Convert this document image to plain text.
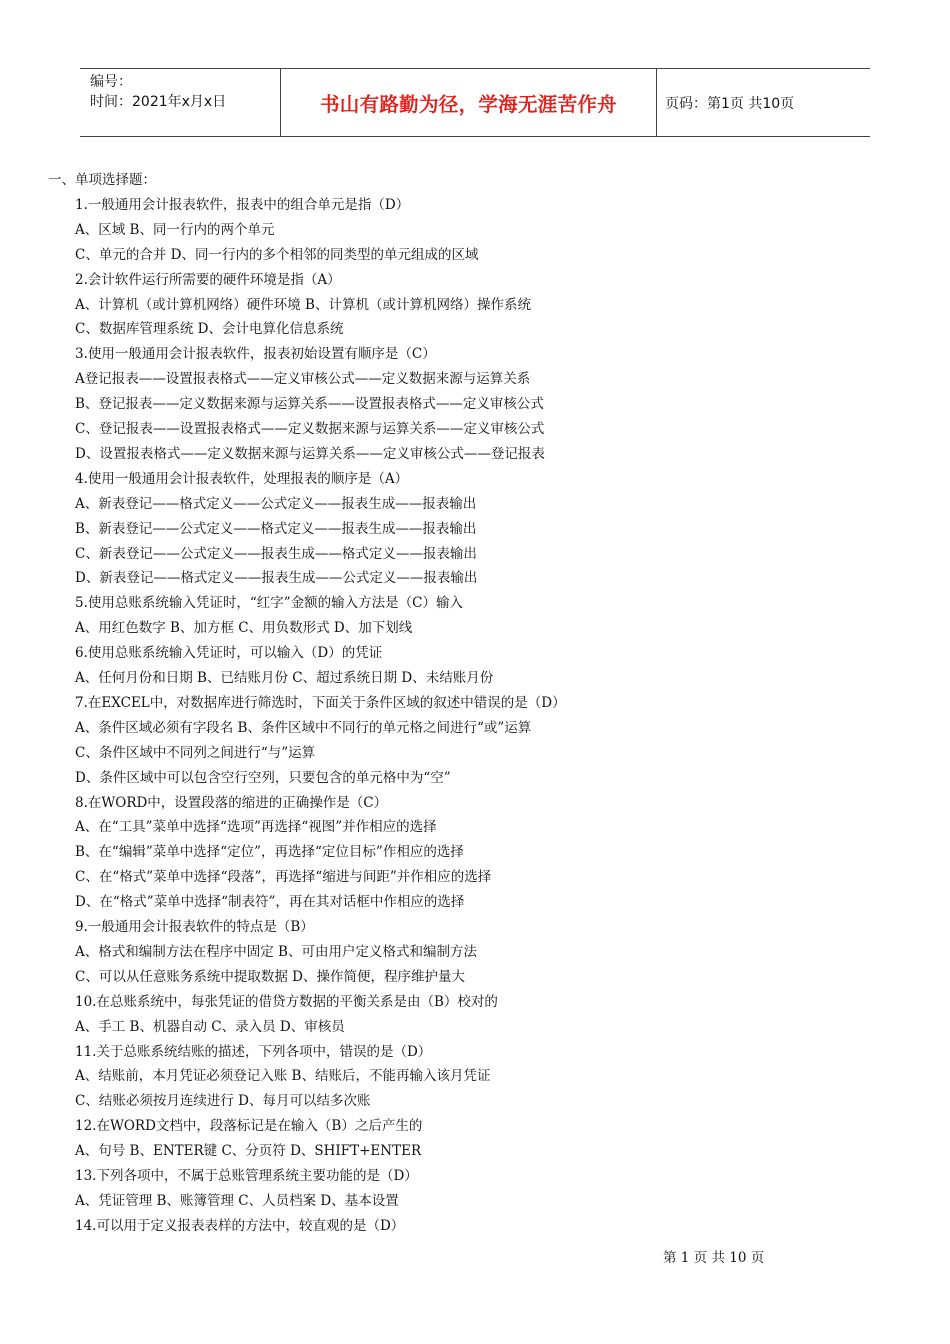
编号：
时间：2021年x月x日	书山有路勤为径，学海无涯苦作舟	页码：第1页 共10页
一、单项选择题：
1.一般通用会计报表软件，报表中的组合单元是指（D）
A、区域 B、同一行内的两个单元
C、单元的合并 D、同一行内的多个相邻的同类型的单元组成的区域
2.会计软件运行所需要的硬件环境是指（A）
A、计算机（或计算机网络）硬件环境 B、计算机（或计算机网络）操作系统
C、数据库管理系统 D、会计电算化信息系统
3.使用一般通用会计报表软件，报表初始设置有顺序是（C）
A登记报表——设置报表格式——定义审核公式——定义数据来源与运算关系
B、登记报表——定义数据来源与运算关系——设置报表格式——定义审核公式
C、登记报表——设置报表格式——定义数据来源与运算关系——定义审核公式
D、设置报表格式——定义数据来源与运算关系——定义审核公式——登记报表
4.使用一般通用会计报表软件，处理报表的顺序是（A）
A、新表登记——格式定义——公式定义——报表生成——报表输出
B、新表登记——公式定义——格式定义——报表生成——报表输出
C、新表登记——公式定义——报表生成——格式定义——报表输出
D、新表登记——格式定义——报表生成——公式定义——报表输出
5.使用总账系统输入凭证时，“红字”金额的输入方法是（C）输入
A、用红色数字 B、加方框 C、用负数形式 D、加下划线
6.使用总账系统输入凭证时，可以输入（D）的凭证
A、任何月份和日期 B、已结账月份 C、超过系统日期 D、未结账月份
7.在EXCEL中，对数据库进行筛选时，下面关于条件区域的叙述中错误的是（D）
A、条件区域必须有字段名 B、条件区域中不同行的单元格之间进行“或”运算
C、条件区域中不同列之间进行“与”运算
D、条件区域中可以包含空行空列，只要包含的单元格中为“空”
8.在WORD中，设置段落的缩进的正确操作是（C）
A、在“工具”菜单中选择“选项”再选择“视图”并作相应的选择
B、在“编辑”菜单中选择“定位”，再选择“定位目标”作相应的选择
C、在“格式”菜单中选择“段落”，再选择“缩进与间距”并作相应的选择
D、在“格式”菜单中选择“制表符”，再在其对话框中作相应的选择
9.一般通用会计报表软件的特点是（B）
A、格式和编制方法在程序中固定 B、可由用户定义格式和编制方法
C、可以从任意账务系统中提取数据 D、操作简便，程序维护量大
10.在总账系统中，每张凭证的借贷方数据的平衡关系是由（B）校对的
A、手工 B、机器自动 C、录入员 D、审核员
11.关于总账系统结账的描述，下列各项中，错误的是（D）
A、结账前，本月凭证必须登记入账 B、结账后，不能再输入该月凭证
C、结账必须按月连续进行 D、每月可以结多次账
12.在WORD文档中，段落标记是在输入（B）之后产生的
A、句号 B、ENTER键 C、分页符 D、SHIFT+ENTER
13.下列各项中，不属于总账管理系统主要功能的是（D）
A、凭证管理 B、账簿管理 C、人员档案 D、基本设置
14.可以用于定义报表表样的方法中，较直观的是（D）
第 1 页 共 10 页
